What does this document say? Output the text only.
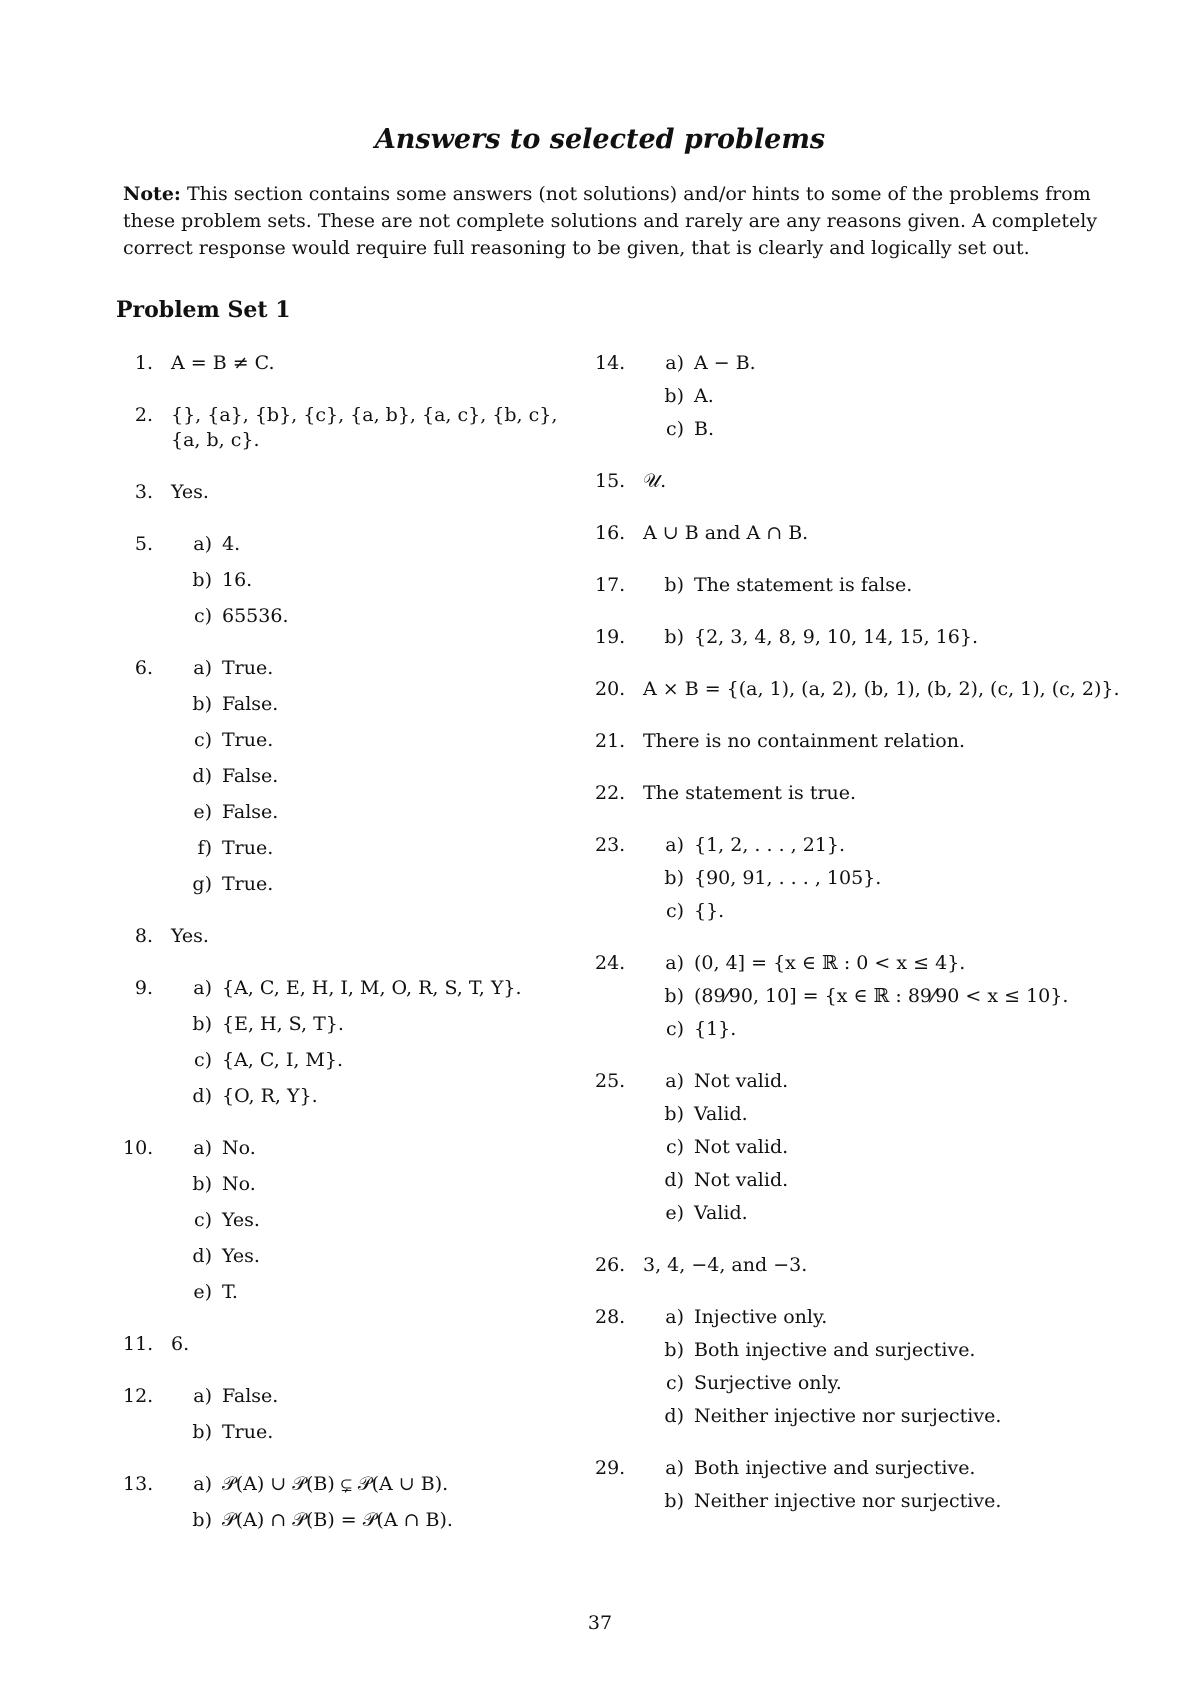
Answers to selected problems
Note: This section contains some answers (not solutions) and/or hints to some of the problems from these problem sets. These are not complete solutions and rarely are any reasons given. A completely correct response would require full reasoning to be given, that is clearly and logically set out.
Problem Set 1
1. A = B ≠ C.
2. {}, {a}, {b}, {c}, {a, b}, {a, c}, {b, c}, {a, b, c}.
3. Yes.
5.	a) 4.
b) 16.
c) 65536.
6.	a) True.
b) False.
c) True.
d) False.
e) False.
f) True.
g) True.
8. Yes.
9.	a) {A, C, E, H, I, M, O, R, S, T, Y}.
b) {E, H, S, T}.
c) {A, C, I, M}.
d) {O, R, Y}.
10.	a) No.
b) No.
c) Yes.
d) Yes.
e) T.
11. 6.
12.	a) False.
b) True.
13.	a) 𝒫(A) ∪ 𝒫(B) ⊊ 𝒫(A ∪ B).
b) 𝒫(A) ∩ 𝒫(B) = 𝒫(A ∩ B).
14.	a) A − B.
b) A.
c) B.
15. 𝒰.
16. A ∪ B and A ∩ B.
17.	b) The statement is false.
19.	b) {2, 3, 4, 8, 9, 10, 14, 15, 16}.
20. A × B = {(a, 1), (a, 2), (b, 1), (b, 2), (c, 1), (c, 2)}.
21. There is no containment relation.
22. The statement is true.
23.	a) {1, 2, . . . , 21}.
b) {90, 91, . . . , 105}.
c) {}.
24.	a) (0, 4] = {x ∈ ℝ : 0 < x ≤ 4}.
b) (89⁄90, 10] = {x ∈ ℝ : 89⁄90 < x ≤ 10}.
c) {1}.
25.	a) Not valid.
b) Valid.
c) Not valid.
d) Not valid.
e) Valid.
26. 3, 4, −4, and −3.
28.	a) Injective only.
b) Both injective and surjective.
c) Surjective only.
d) Neither injective nor surjective.
29.	a) Both injective and surjective.
b) Neither injective nor surjective.
37
